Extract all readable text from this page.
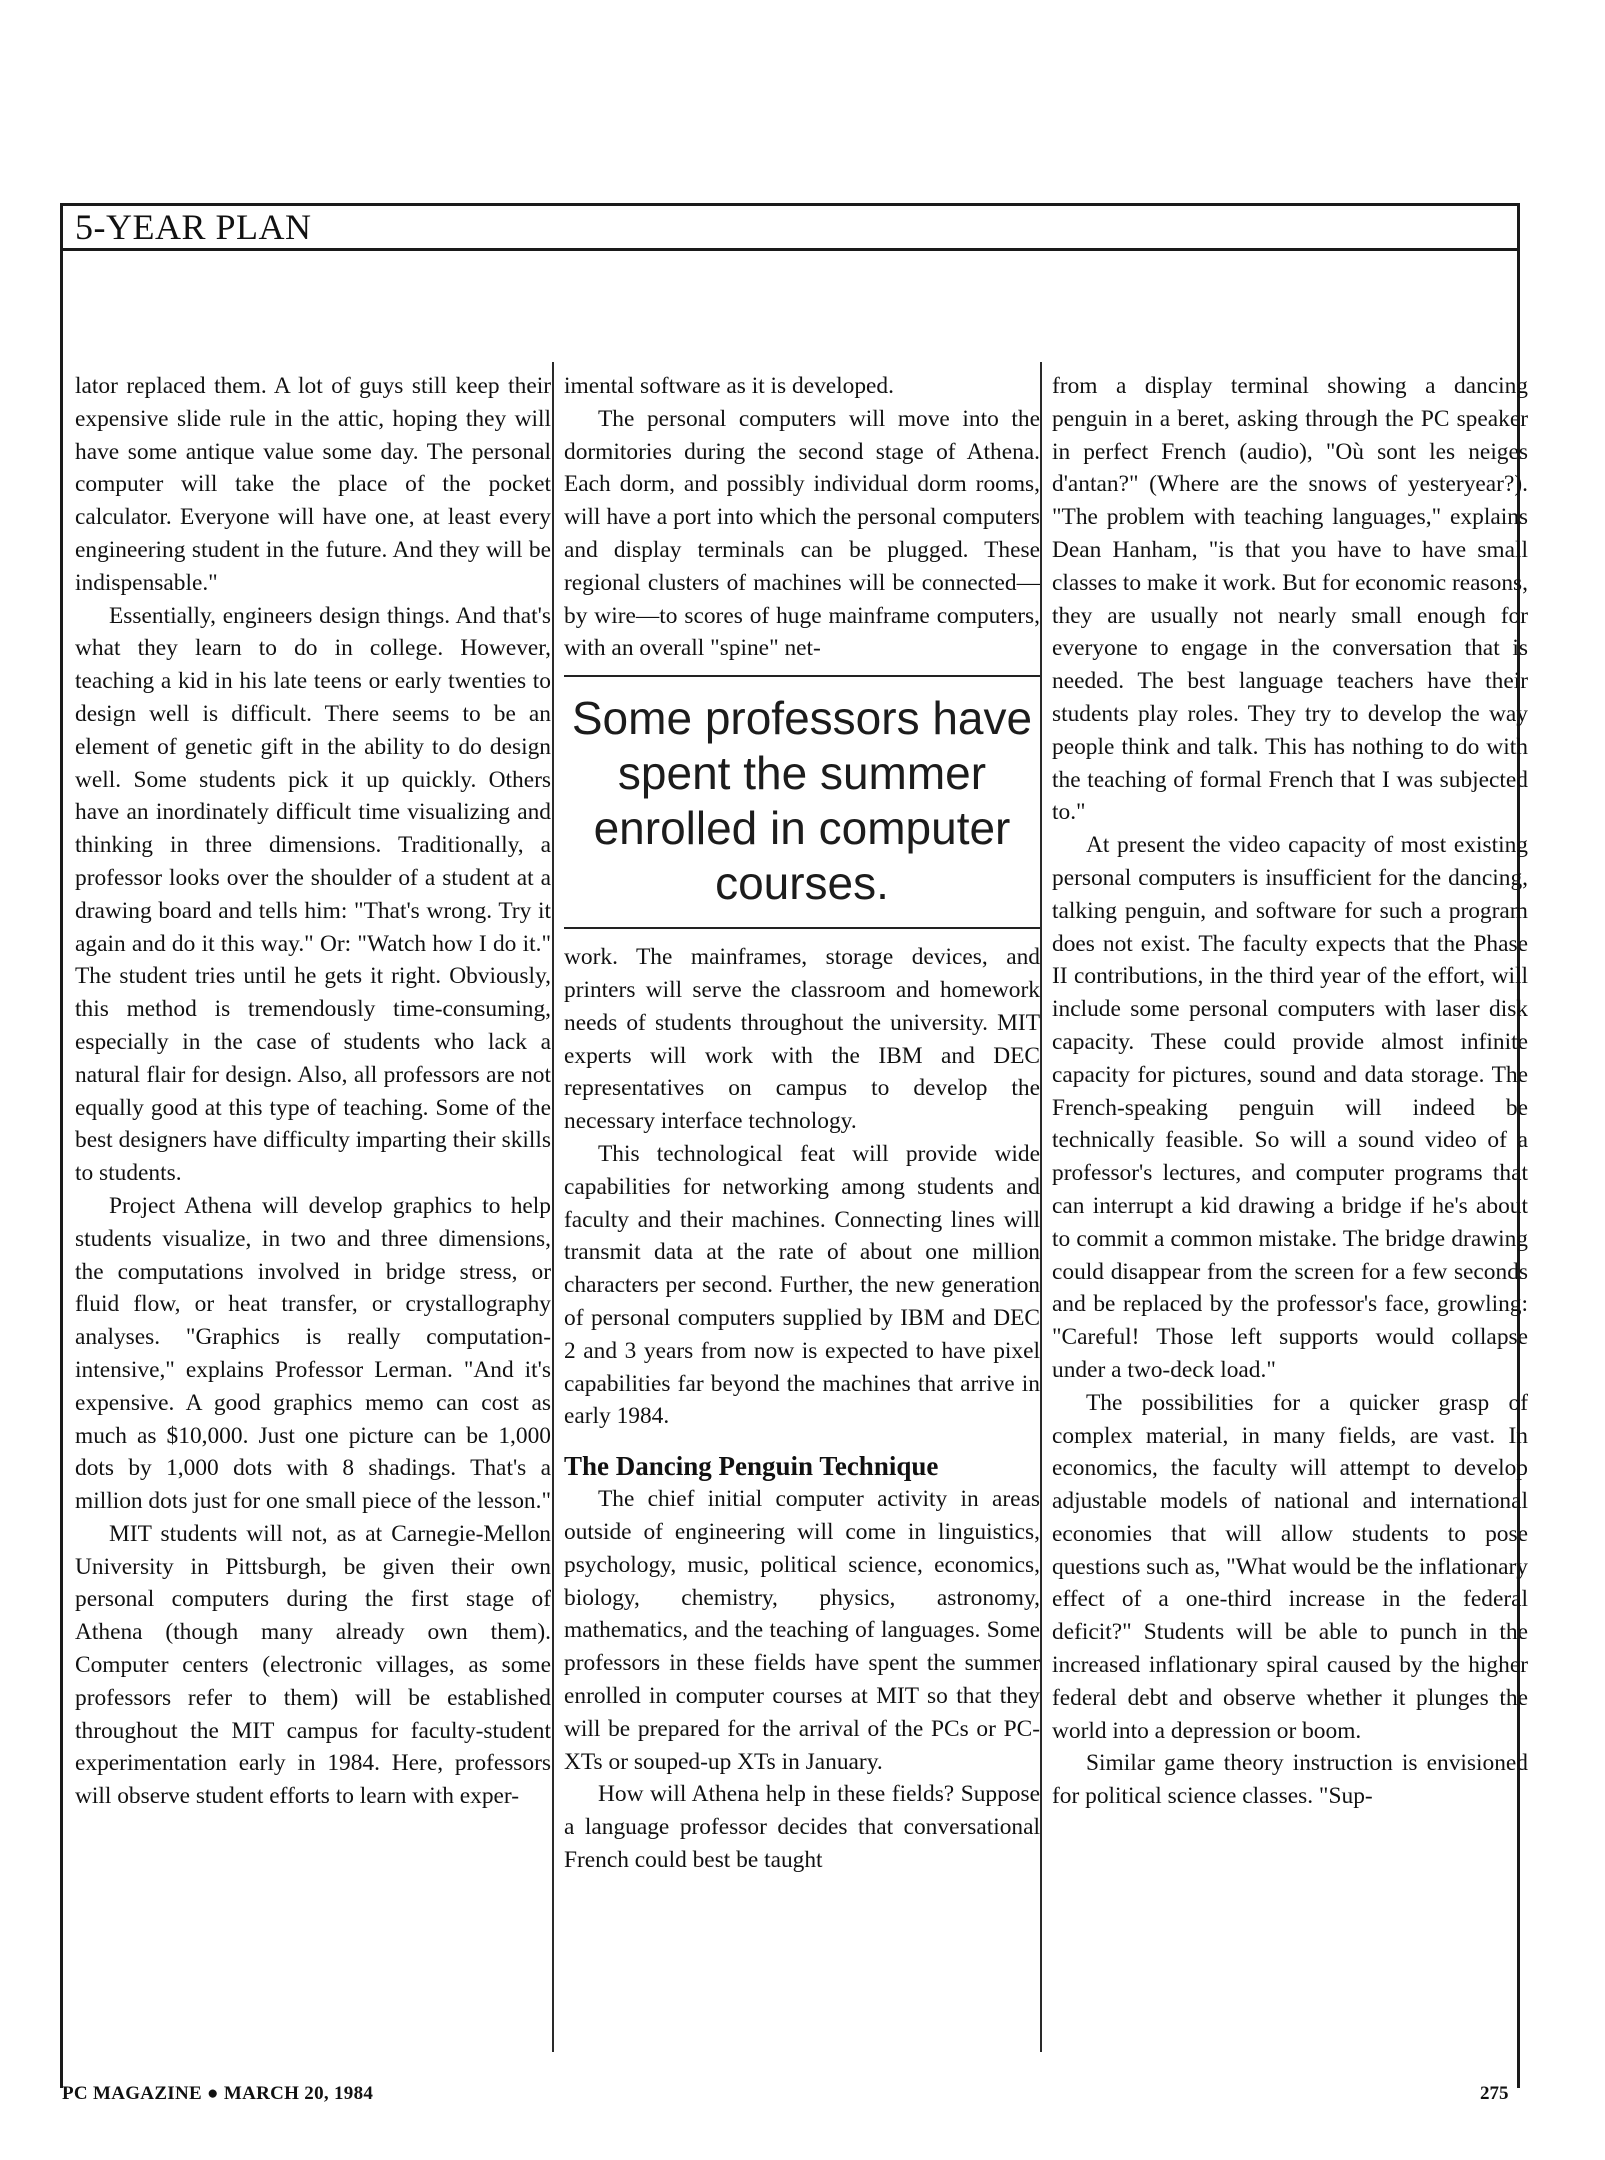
5-YEAR PLAN

lator replaced them. A lot of guys still keep their expensive slide rule in the attic, hoping they will have some antique value some day. The personal computer will take the place of the pocket calculator. Everyone will have one, at least every engineering student in the future. And they will be indispensable."

Essentially, engineers design things. And that's what they learn to do in college. However, teaching a kid in his late teens or early twenties to design well is difficult. There seems to be an element of genetic gift in the ability to do design well. Some students pick it up quickly. Others have an inordinately difficult time visualizing and thinking in three dimensions. Traditionally, a professor looks over the shoulder of a student at a drawing board and tells him: "That's wrong. Try it again and do it this way." Or: "Watch how I do it." The student tries until he gets it right. Obviously, this method is tremendously time-consuming, especially in the case of students who lack a natural flair for design. Also, all professors are not equally good at this type of teaching. Some of the best designers have difficulty imparting their skills to students.

Project Athena will develop graphics to help students visualize, in two and three dimensions, the computations involved in bridge stress, or fluid flow, or heat transfer, or crystallography analyses. "Graphics is really computation-intensive," explains Professor Lerman. "And it's expensive. A good graphics memo can cost as much as $10,000. Just one picture can be 1,000 dots by 1,000 dots with 8 shadings. That's a million dots just for one small piece of the lesson."

MIT students will not, as at Carnegie-Mellon University in Pittsburgh, be given their own personal computers during the first stage of Athena (though many already own them). Computer centers (electronic villages, as some professors refer to them) will be established throughout the MIT campus for faculty-student experimentation early in 1984. Here, professors will observe student efforts to learn with exper-

imental software as it is developed.

The personal computers will move into the dormitories during the second stage of Athena. Each dorm, and possibly individual dorm rooms, will have a port into which the personal computers and display terminals can be plugged. These regional clusters of machines will be connected—by wire—to scores of huge mainframe computers, with an overall "spine" net-

Some professors have spent the summer enrolled in computer courses.

work. The mainframes, storage devices, and printers will serve the classroom and homework needs of students throughout the university. MIT experts will work with the IBM and DEC representatives on campus to develop the necessary interface technology.

This technological feat will provide wide capabilities for networking among students and faculty and their machines. Connecting lines will transmit data at the rate of about one million characters per second. Further, the new generation of personal computers supplied by IBM and DEC 2 and 3 years from now is expected to have pixel capabilities far beyond the machines that arrive in early 1984.

The Dancing Penguin Technique

The chief initial computer activity in areas outside of engineering will come in linguistics, psychology, music, political science, economics, biology, chemistry, physics, astronomy, mathematics, and the teaching of languages. Some professors in these fields have spent the summer enrolled in computer courses at MIT so that they will be prepared for the arrival of the PCs or PC-XTs or souped-up XTs in January.

How will Athena help in these fields? Suppose a language professor decides that conversational French could best be taught

from a display terminal showing a dancing penguin in a beret, asking through the PC speaker in perfect French (audio), "Où sont les neiges d'antan?" (Where are the snows of yesteryear?). "The problem with teaching languages," explains Dean Hanham, "is that you have to have small classes to make it work. But for economic reasons, they are usually not nearly small enough for everyone to engage in the conversation that is needed. The best language teachers have their students play roles. They try to develop the way people think and talk. This has nothing to do with the teaching of formal French that I was subjected to."

At present the video capacity of most existing personal computers is insufficient for the dancing, talking penguin, and software for such a program does not exist. The faculty expects that the Phase II contributions, in the third year of the effort, will include some personal computers with laser disk capacity. These could provide almost infinite capacity for pictures, sound and data storage. The French-speaking penguin will indeed be technically feasible. So will a sound video of a professor's lectures, and computer programs that can interrupt a kid drawing a bridge if he's about to commit a common mistake. The bridge drawing could disappear from the screen for a few seconds and be replaced by the professor's face, growling: "Careful! Those left supports would collapse under a two-deck load."

The possibilities for a quicker grasp of complex material, in many fields, are vast. In economics, the faculty will attempt to develop adjustable models of national and international economies that will allow students to pose questions such as, "What would be the inflationary effect of a one-third increase in the federal deficit?" Students will be able to punch in the increased inflationary spiral caused by the higher federal debt and observe whether it plunges the world into a depression or boom.

Similar game theory instruction is envisioned for political science classes. "Sup-

PC MAGAZINE ● MARCH 20, 1984	275
